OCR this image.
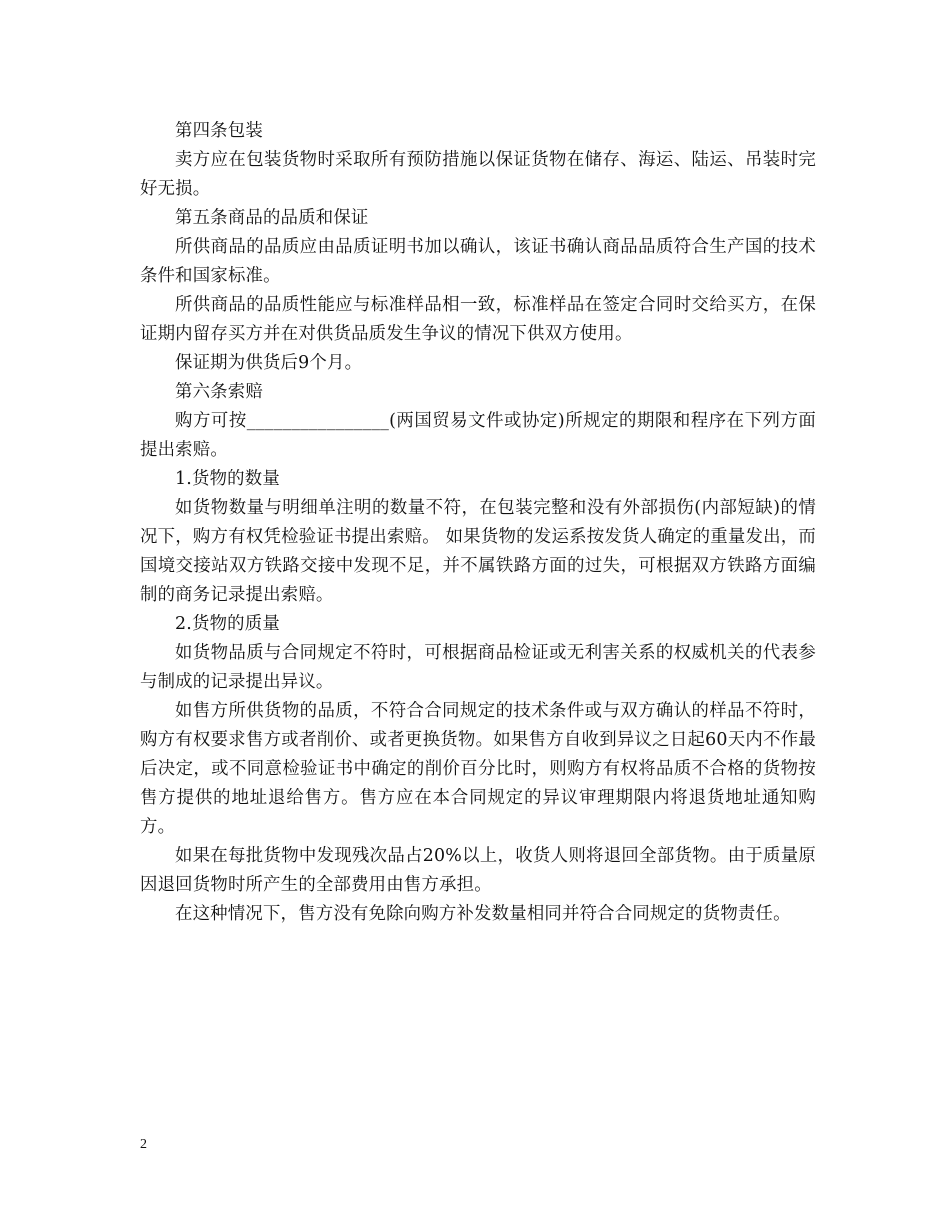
第四条包装

卖方应在包装货物时采取所有预防措施以保证货物在储存、海运、陆运、吊装时完好无损。

第五条商品的品质和保证

所供商品的品质应由品质证明书加以确认，该证书确认商品品质符合生产国的技术条件和国家标准。

所供商品的品质性能应与标准样品相一致，标准样品在签定合同时交给买方，在保证期内留存买方并在对供货品质发生争议的情况下供双方使用。

保证期为供货后9个月。

第六条索赔

购方可按________________(两国贸易文件或协定)所规定的期限和程序在下列方面提出索赔。

1.货物的数量

如货物数量与明细单注明的数量不符，在包装完整和没有外部损伤(内部短缺)的情况下，购方有权凭检验证书提出索赔。 如果货物的发运系按发货人确定的重量发出，而国境交接站双方铁路交接中发现不足，并不属铁路方面的过失，可根据双方铁路方面编制的商务记录提出索赔。

2.货物的质量

如货物品质与合同规定不符时，可根据商品检证或无利害关系的权威机关的代表参与制成的记录提出异议。

如售方所供货物的品质，不符合合同规定的技术条件或与双方确认的样品不符时，购方有权要求售方或者削价、或者更换货物。如果售方自收到异议之日起60天内不作最后决定，或不同意检验证书中确定的削价百分比时，则购方有权将品质不合格的货物按售方提供的地址退给售方。售方应在本合同规定的异议审理期限内将退货地址通知购方。

如果在每批货物中发现残次品占20%以上，收货人则将退回全部货物。由于质量原因退回货物时所产生的全部费用由售方承担。

在这种情况下，售方没有免除向购方补发数量相同并符合合同规定的货物责任。

2
